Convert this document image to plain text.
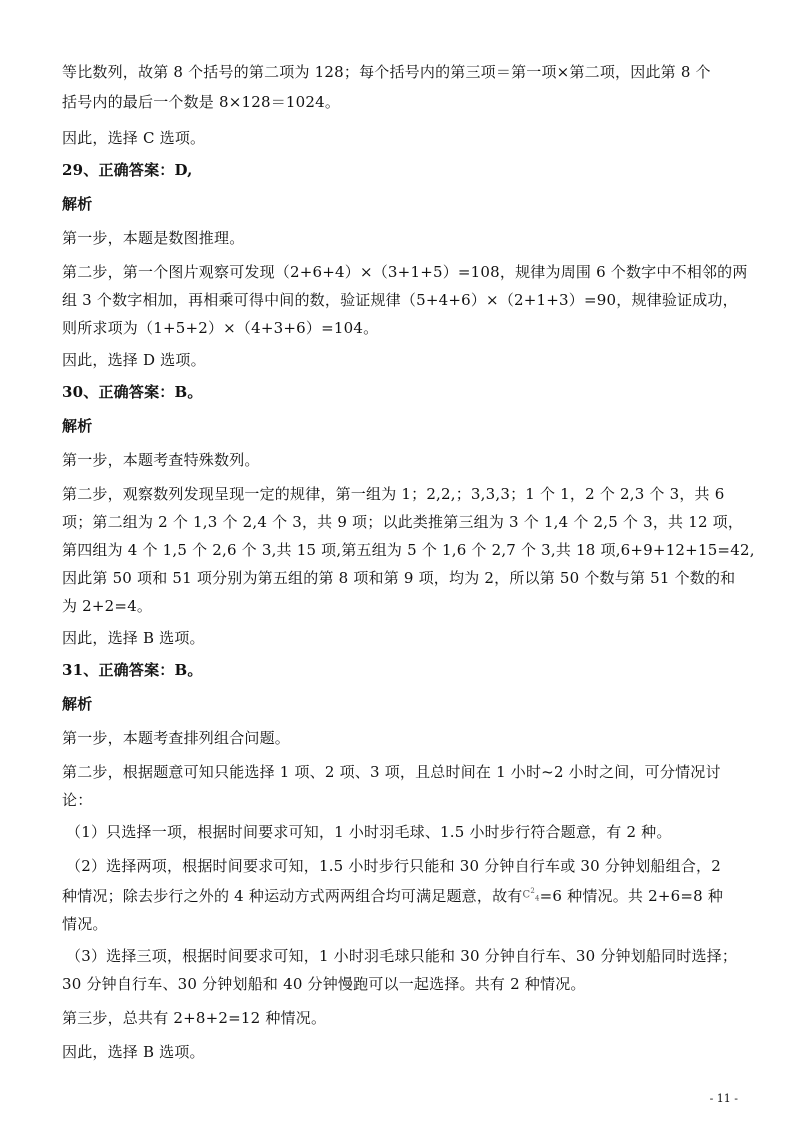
等比数列，故第 8 个括号的第二项为 128；每个括号内的第三项＝第一项×第二项，因此第 8 个
括号内的最后一个数是 8×128＝1024。
因此，选择 C 选项。
29、正确答案：D,
解析
第一步，本题是数图推理。
第二步，第一个图片观察可发现（2+6+4）×（3+1+5）=108，规律为周围 6 个数字中不相邻的两
组 3 个数字相加，再相乘可得中间的数，验证规律（5+4+6）×（2+1+3）=90，规律验证成功，
则所求项为（1+5+2）×（4+3+6）=104。
因此，选择 D 选项。
30、正确答案：B。
解析
第一步，本题考查特殊数列。
第二步，观察数列发现呈现一定的规律，第一组为 1；2,2,；3,3,3；1 个 1，2 个 2,3 个 3，共 6
项；第二组为 2 个 1,3 个 2,4 个 3，共 9 项；以此类推第三组为 3 个 1,4 个 2,5 个 3，共 12 项，
第四组为 4 个 1,5 个 2,6 个 3,共 15 项,第五组为 5 个 1,6 个 2,7 个 3,共 18 项,6+9+12+15=42,
因此第 50 项和 51 项分别为第五组的第 8 项和第 9 项，均为 2，所以第 50 个数与第 51 个数的和
为 2+2=4。
因此，选择 B 选项。
31、正确答案：B。
解析
第一步，本题考查排列组合问题。
第二步，根据题意可知只能选择 1 项、2 项、3 项，且总时间在 1 小时~2 小时之间，可分情况讨
论：
（1）只选择一项，根据时间要求可知，1 小时羽毛球、1.5 小时步行符合题意，有 2 种。
（2）选择两项，根据时间要求可知，1.5 小时步行只能和 30 分钟自行车或 30 分钟划船组合，2
种情况；除去步行之外的 4 种运动方式两两组合均可满足题意，故有$C^2_4=6$ 种情况。共 2+6=8 种
情况。
（3）选择三项，根据时间要求可知，1 小时羽毛球只能和 30 分钟自行车、30 分钟划船同时选择；
30 分钟自行车、30 分钟划船和 40 分钟慢跑可以一起选择。共有 2 种情况。
第三步，总共有 2+8+2=12 种情况。
因此，选择 B 选项。
- 11 -
